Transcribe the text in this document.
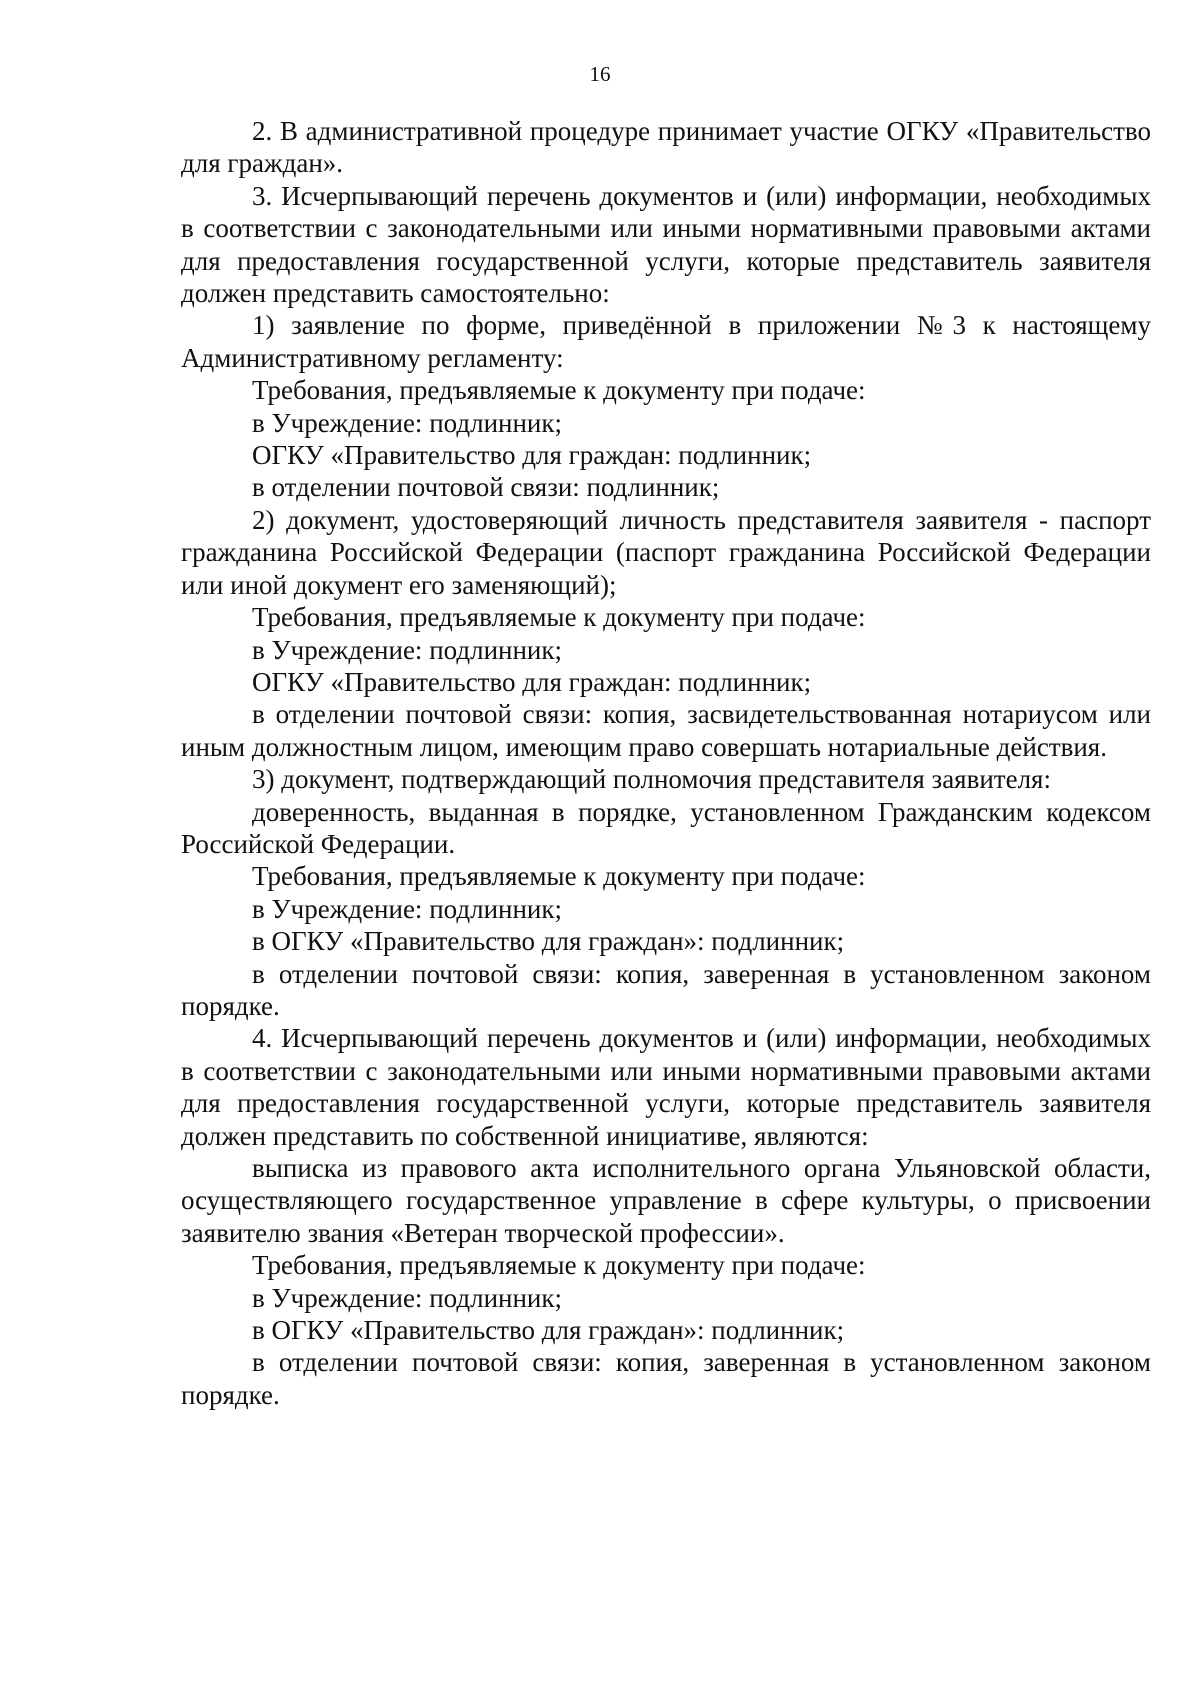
16

2. В административной процедуре принимает участие ОГКУ «Правительство для граждан».

3. Исчерпывающий перечень документов и (или) информации, необходимых в соответствии с законодательными или иными нормативными правовыми актами для предоставления государственной услуги, которые представитель заявителя должен представить самостоятельно:

1) заявление по форме, приведённой в приложении №3 к настоящему Административному регламенту:

Требования, предъявляемые к документу при подаче:

в Учреждение: подлинник;

ОГКУ «Правительство для граждан: подлинник;

в отделении почтовой связи: подлинник;

2) документ, удостоверяющий личность представителя заявителя - паспорт гражданина Российской Федерации (паспорт гражданина Российской Федерации или иной документ его заменяющий);

Требования, предъявляемые к документу при подаче:

в Учреждение: подлинник;

ОГКУ «Правительство для граждан: подлинник;

в отделении почтовой связи: копия, засвидетельствованная нотариусом или иным должностным лицом, имеющим право совершать нотариальные действия.

3) документ, подтверждающий полномочия представителя заявителя:

доверенность, выданная в порядке, установленном Гражданским кодексом Российской Федерации.

Требования, предъявляемые к документу при подаче:

в Учреждение: подлинник;

в ОГКУ «Правительство для граждан»: подлинник;

в отделении почтовой связи: копия, заверенная в установленном законом порядке.

4. Исчерпывающий перечень документов и (или) информации, необходимых в соответствии с законодательными или иными нормативными правовыми актами для предоставления государственной услуги, которые представитель заявителя должен представить по собственной инициативе, являются:

выписка из правового акта исполнительного органа Ульяновской области, осуществляющего государственное управление в сфере культуры, о присвоении заявителю звания «Ветеран творческой профессии».

Требования, предъявляемые к документу при подаче:

в Учреждение: подлинник;

в ОГКУ «Правительство для граждан»: подлинник;

в отделении почтовой связи: копия, заверенная в установленном законом порядке.
